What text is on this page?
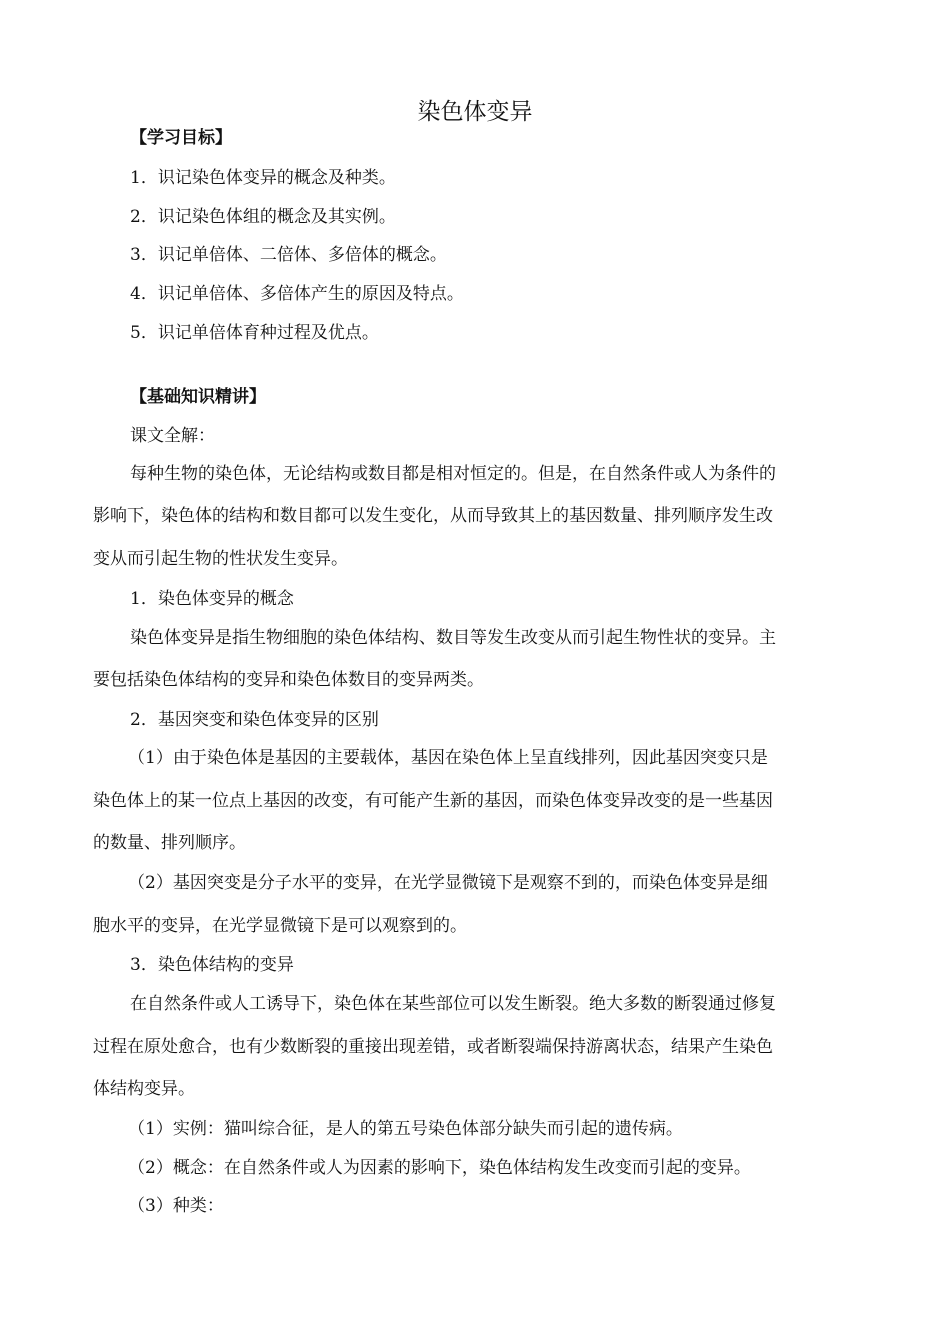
染色体变异
【学习目标】
1．识记染色体变异的概念及种类。
2．识记染色体组的概念及其实例。
3．识记单倍体、二倍体、多倍体的概念。
4．识记单倍体、多倍体产生的原因及特点。
5．识记单倍体育种过程及优点。
【基础知识精讲】
课文全解：
每种生物的染色体，无论结构或数目都是相对恒定的。但是，在自然条件或人为条件的
影响下，染色体的结构和数目都可以发生变化，从而导致其上的基因数量、排列顺序发生改
变从而引起生物的性状发生变异。
1．染色体变异的概念
染色体变异是指生物细胞的染色体结构、数目等发生改变从而引起生物性状的变异。主
要包括染色体结构的变异和染色体数目的变异两类。
2．基因突变和染色体变异的区别
（1）由于染色体是基因的主要载体，基因在染色体上呈直线排列，因此基因突变只是
染色体上的某一位点上基因的改变，有可能产生新的基因，而染色体变异改变的是一些基因
的数量、排列顺序。
（2）基因突变是分子水平的变异，在光学显微镜下是观察不到的，而染色体变异是细
胞水平的变异，在光学显微镜下是可以观察到的。
3．染色体结构的变异
在自然条件或人工诱导下，染色体在某些部位可以发生断裂。绝大多数的断裂通过修复
过程在原处愈合，也有少数断裂的重接出现差错，或者断裂端保持游离状态，结果产生染色
体结构变异。
（1）实例：猫叫综合征，是人的第五号染色体部分缺失而引起的遗传病。
（2）概念：在自然条件或人为因素的影响下，染色体结构发生改变而引起的变异。
（3）种类：
